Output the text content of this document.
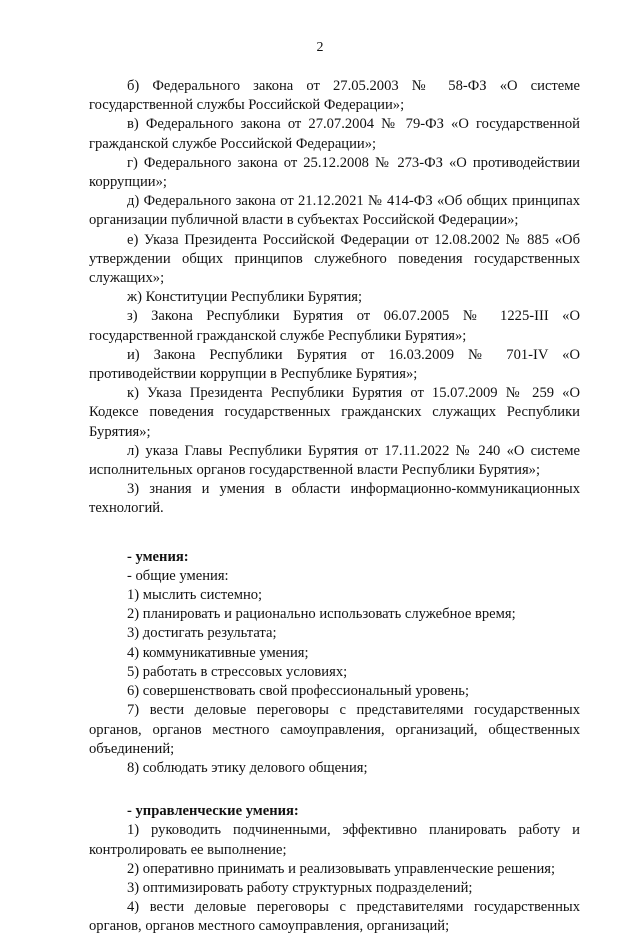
2

б) Федерального закона от 27.05.2003 № 58-ФЗ «О системе государственной службы Российской Федерации»;

в) Федерального закона от 27.07.2004 № 79-ФЗ «О государственной гражданской службе Российской Федерации»;

г) Федерального закона от 25.12.2008 № 273-ФЗ «О противодействии коррупции»;

д) Федерального закона от 21.12.2021 № 414-ФЗ «Об общих принципах организации публичной власти в субъектах Российской Федерации»;

е) Указа Президента Российской Федерации от 12.08.2002 № 885 «Об утверждении общих принципов служебного поведения государственных служащих»;

ж) Конституции Республики Бурятия;

з) Закона Республики Бурятия от 06.07.2005 № 1225-III «О государственной гражданской службе Республики Бурятия»;

и) Закона Республики Бурятия от 16.03.2009 № 701-IV «О противодействии коррупции в Республике Бурятия»;

к) Указа Президента Республики Бурятия от 15.07.2009 № 259 «О Кодексе поведения государственных гражданских служащих Республики Бурятия»;

л) указа Главы Республики Бурятия от 17.11.2022 № 240 «О системе исполнительных органов государственной власти Республики Бурятия»;

3) знания и умения в области информационно-коммуникационных технологий.

- умения:

- общие умения:

1) мыслить системно;

2) планировать и рационально использовать служебное время;

3) достигать результата;

4) коммуникативные умения;

5) работать в стрессовых условиях;

6) совершенствовать свой профессиональный уровень;

7) вести деловые переговоры с представителями государственных органов, органов местного самоуправления, организаций, общественных объединений;

8) соблюдать этику делового общения;

- управленческие умения:

1) руководить подчиненными, эффективно планировать работу и контролировать ее выполнение;

2) оперативно принимать и реализовывать управленческие решения;

3) оптимизировать работу структурных подразделений;

4) вести деловые переговоры с представителями государственных органов, органов местного самоуправления, организаций;
